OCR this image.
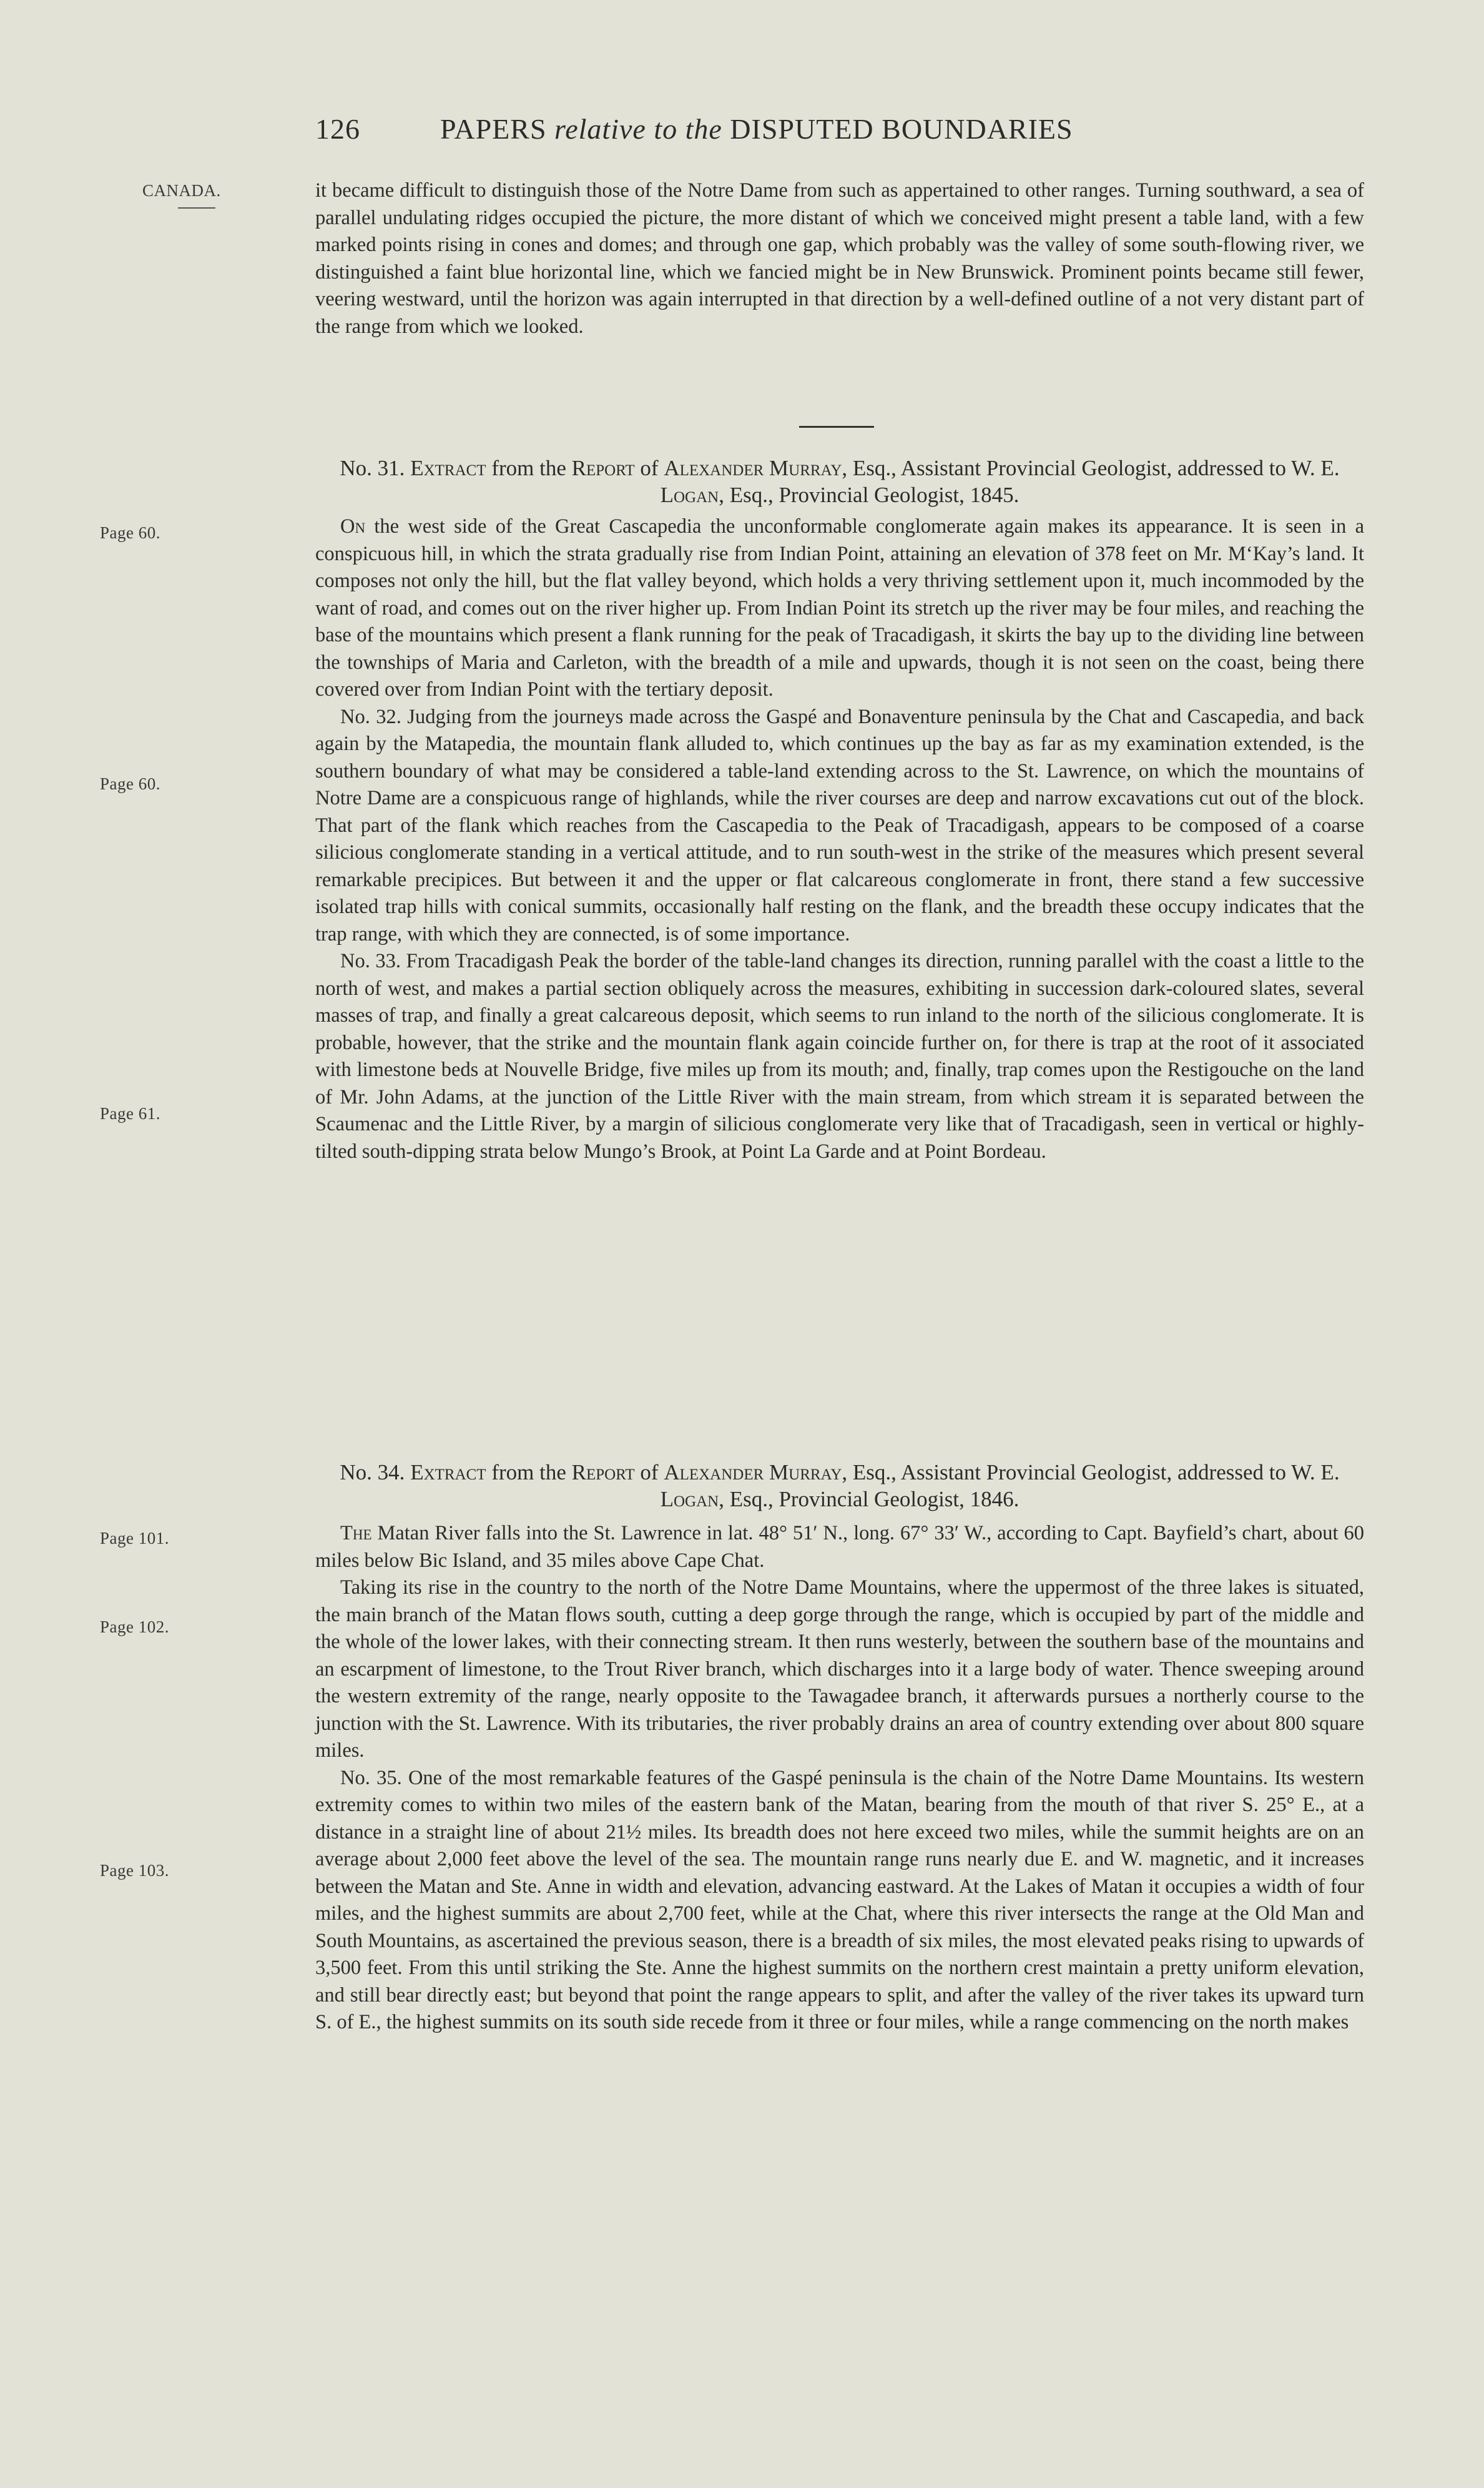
126	PAPERS relative to the DISPUTED BOUNDARIES
CANADA.	it became difficult to distinguish those of the Notre Dame from such as appertained to other ranges. Turning southward, a sea of parallel undulating ridges occupied the picture, the more distant of which we conceived might present a table land, with a few marked points rising in cones and domes; and through one gap, which probably was the valley of some south-flowing river, we distinguished a faint blue horizontal line, which we fancied might be in New Brunswick. Prominent points became still fewer, veering westward, until the horizon was again interrupted in that direction by a well-defined outline of a not very distant part of the range from which we looked.

No. 31. Extract from the Report of Alexander Murray, Esq., Assistant Provincial Geologist, addressed to W. E. Logan, Esq., Provincial Geologist, 1845.
Page 60.
Page 60.
Page 61.

On the west side of the Great Cascapedia the unconformable conglomerate again makes its appearance. It is seen in a conspicuous hill, in which the strata gradually rise from Indian Point, attaining an elevation of 378 feet on Mr. M‘Kay’s land. It composes not only the hill, but the flat valley beyond, which holds a very thriving settlement upon it, much incommoded by the want of road, and comes out on the river higher up. From Indian Point its stretch up the river may be four miles, and reaching the base of the mountains which present a flank running for the peak of Tracadigash, it skirts the bay up to the dividing line between the townships of Maria and Carleton, with the breadth of a mile and upwards, though it is not seen on the coast, being there covered over from Indian Point with the tertiary deposit.

No. 32. Judging from the journeys made across the Gaspé and Bonaventure peninsula by the Chat and Cascapedia, and back again by the Matapedia, the mountain flank alluded to, which continues up the bay as far as my examination extended, is the southern boundary of what may be considered a table-land extending across to the St. Lawrence, on which the mountains of Notre Dame are a conspicuous range of highlands, while the river courses are deep and narrow excavations cut out of the block. That part of the flank which reaches from the Cascapedia to the Peak of Tracadigash, appears to be composed of a coarse silicious conglomerate standing in a vertical attitude, and to run south-west in the strike of the measures which present several remarkable precipices. But between it and the upper or flat calcareous conglomerate in front, there stand a few successive isolated trap hills with conical summits, occasionally half resting on the flank, and the breadth these occupy indicates that the trap range, with which they are connected, is of some importance.

No. 33. From Tracadigash Peak the border of the table-land changes its direction, running parallel with the coast a little to the north of west, and makes a partial section obliquely across the measures, exhibiting in succession dark-coloured slates, several masses of trap, and finally a great calcareous deposit, which seems to run inland to the north of the silicious conglomerate. It is probable, however, that the strike and the mountain flank again coincide further on, for there is trap at the root of it associated with limestone beds at Nouvelle Bridge, five miles up from its mouth; and, finally, trap comes upon the Restigouche on the land of Mr. John Adams, at the junction of the Little River with the main stream, from which stream it is separated between the Scaumenac and the Little River, by a margin of silicious conglomerate very like that of Tracadigash, seen in vertical or highly-tilted south-dipping strata below Mungo’s Brook, at Point La Garde and at Point Bordeau.

No. 34. Extract from the Report of Alexander Murray, Esq., Assistant Provincial Geologist, addressed to W. E. Logan, Esq., Provincial Geologist, 1846.
Page 101.
Page 102.
Page 103.

The Matan River falls into the St. Lawrence in lat. 48° 51′ N., long. 67° 33′ W., according to Capt. Bayfield’s chart, about 60 miles below Bic Island, and 35 miles above Cape Chat.

Taking its rise in the country to the north of the Notre Dame Mountains, where the uppermost of the three lakes is situated, the main branch of the Matan flows south, cutting a deep gorge through the range, which is occupied by part of the middle and the whole of the lower lakes, with their connecting stream. It then runs westerly, between the southern base of the mountains and an escarpment of limestone, to the Trout River branch, which discharges into it a large body of water. Thence sweeping around the western extremity of the range, nearly opposite to the Tawagadee branch, it afterwards pursues a northerly course to the junction with the St. Lawrence. With its tributaries, the river probably drains an area of country extending over about 800 square miles.

No. 35. One of the most remarkable features of the Gaspé peninsula is the chain of the Notre Dame Mountains. Its western extremity comes to within two miles of the eastern bank of the Matan, bearing from the mouth of that river S. 25° E., at a distance in a straight line of about 21½ miles. Its breadth does not here exceed two miles, while the summit heights are on an average about 2,000 feet above the level of the sea. The mountain range runs nearly due E. and W. magnetic, and it increases between the Matan and Ste. Anne in width and elevation, advancing eastward. At the Lakes of Matan it occupies a width of four miles, and the highest summits are about 2,700 feet, while at the Chat, where this river intersects the range at the Old Man and South Mountains, as ascertained the previous season, there is a breadth of six miles, the most elevated peaks rising to upwards of 3,500 feet. From this until striking the Ste. Anne the highest summits on the northern crest maintain a pretty uniform elevation, and still bear directly east; but beyond that point the range appears to split, and after the valley of the river takes its upward turn S. of E., the highest summits on its south side recede from it three or four miles, while a range commencing on the north makes
